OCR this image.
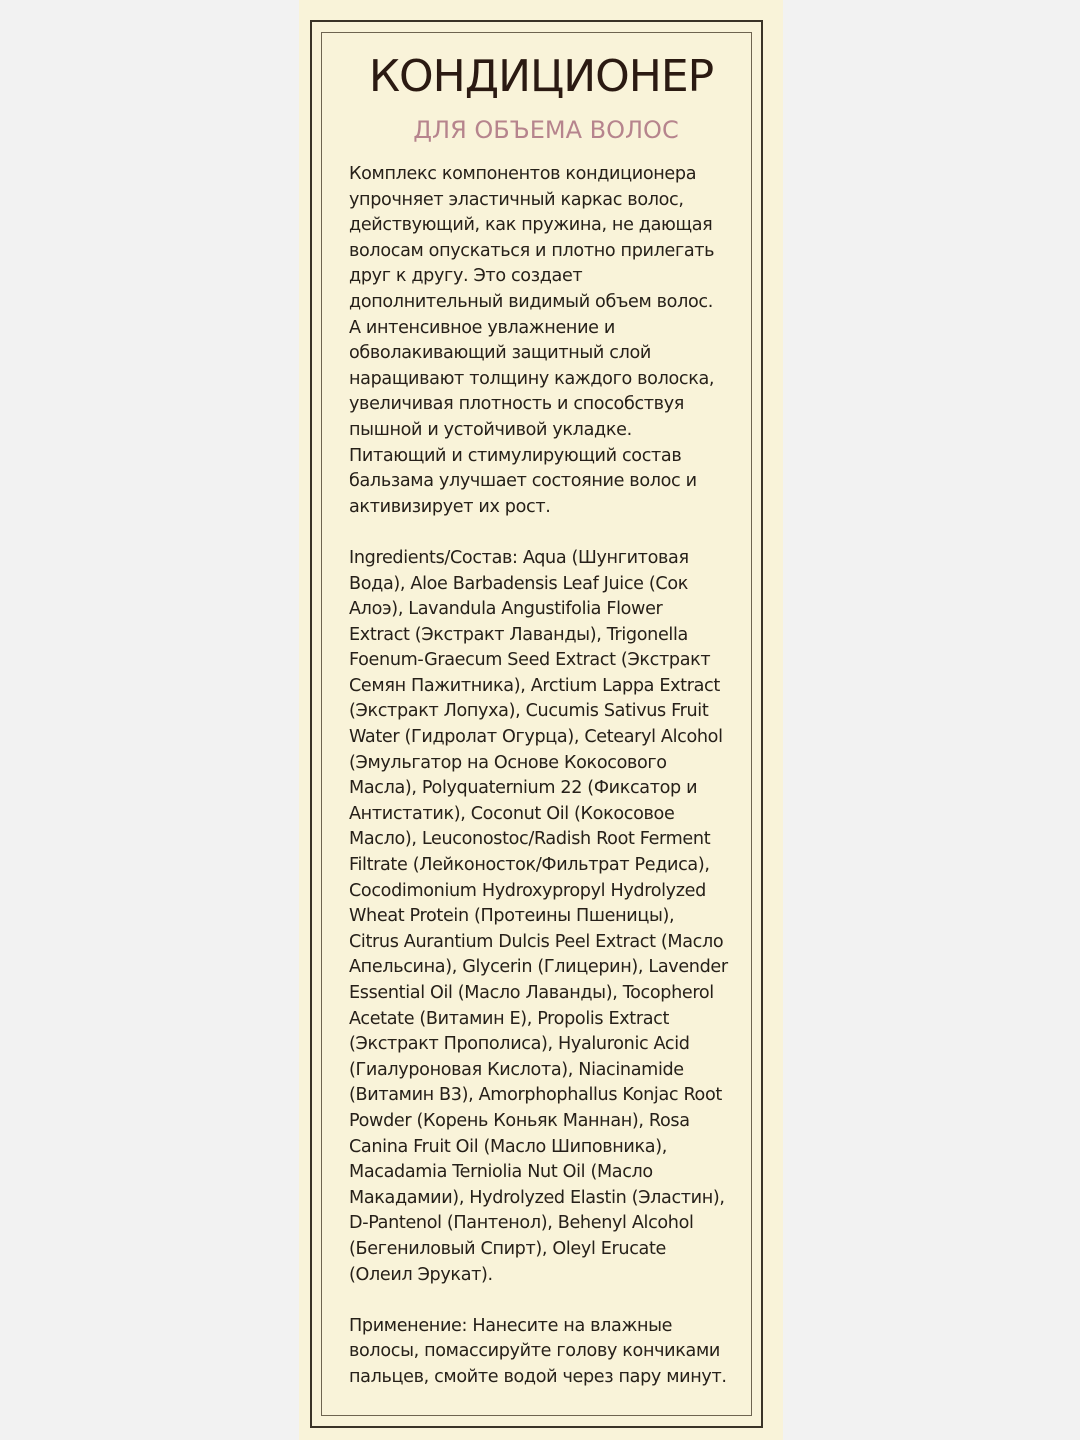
КОНДИЦИОНЕР
ДЛЯ ОБЪЕМА ВОЛОС

Комплекс компонентов кондиционера
упрочняет эластичный каркас волос,
действующий, как пружина, не дающая
волосам опускаться и плотно прилегать
друг к другу. Это создает
дополнительный видимый объем волос.
А интенсивное увлажнение и
обволакивающий защитный слой
наращивают толщину каждого волоска,
увеличивая плотность и способствуя
пышной и устойчивой укладке.

Питающий и стимулирующий состав
бальзама улучшает состояние волос и
активизирует их рост.

Ingredients/Состав: Aqua (Шунгитовая
Вода), Aloe Barbadensis Leaf Juice (Сок
Алоэ), Lavandula Angustifolia Flower
Extract (Экстракт Лаванды), Trigonella
Foenum-Graecum Seed Extract (Экстракт
Семян Пажитника), Arctium Lappa Extract
(Экстракт Лопуха), Cucumis Sativus Fruit
Water (Гидролат Огурца), Cetearyl Alcohol
(Эмульгатор на Основе Кокосового
Масла), Polyquaternium 22 (Фиксатор и
Антистатик), Coconut Oil (Кокосовое
Масло), Leuconostoc/Radish Root Ferment
Filtrate (Лейконосток/Фильтрат Редиса),
Cocodimonium Hydroxypropyl Hydrolyzed
Wheat Protein (Протеины Пшеницы),
Citrus Aurantium Dulcis Peel Extract (Масло
Апельсина), Glycerin (Глицерин), Lavender
Essential Oil (Масло Лаванды), Tocopherol
Acetate (Витамин Е), Propolis Extract
(Экстракт Прополиса), Hyaluronic Acid
(Гиалуроновая Кислота), Niacinamide
(Витамин B3), Amorphophallus Konjac Root
Powder (Корень Коньяк Маннан), Rosa
Canina Fruit Oil (Масло Шиповника),
Macadamia Terniolia Nut Oil (Масло
Макадамии), Hydrolyzed Elastin (Эластин),
D-Pantenol (Пантенол), Behenyl Alcohol
(Бегениловый Спирт), Oleyl Erucate
(Олеил Эрукат).

Применение: Нанесите на влажные
волосы, помассируйте голову кончиками
пальцев, смойте водой через пару минут.
